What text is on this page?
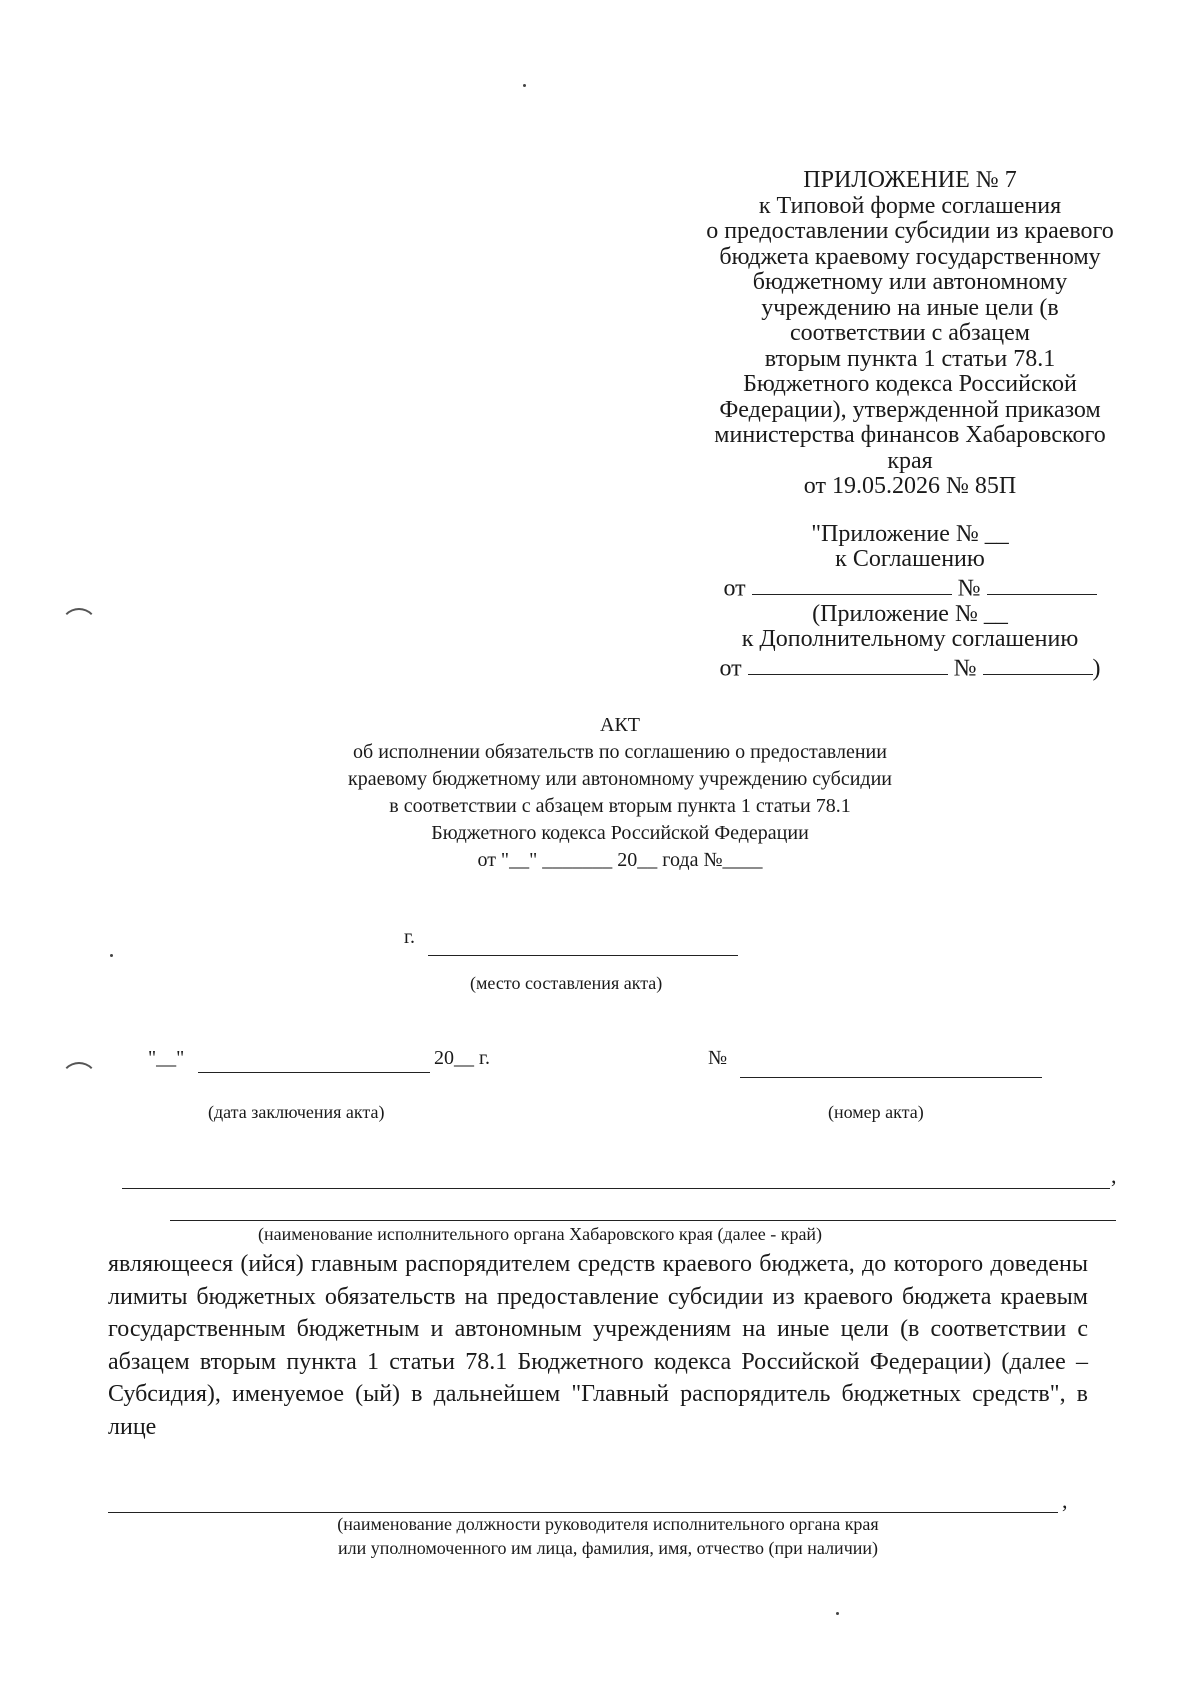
ПРИЛОЖЕНИЕ № 7
к Типовой форме соглашения
о предоставлении субсидии из краевого
бюджета краевому государственному
бюджетному или автономному
учреждению на иные цели (в
соответствии с абзацем
вторым пункта 1 статьи 78.1
Бюджетного кодекса Российской
Федерации), утвержденной приказом
министерства финансов Хабаровского
края
от 19.05.2026 № 85П
"Приложение № __
к Соглашению
от	№
(Приложение № __
к Дополнительному соглашению
от	№	)
АКТ
об исполнении обязательств по соглашению о предоставлении
краевому бюджетному или автономному учреждению субсидии
в соответствии с абзацем вторым пункта 1 статьи 78.1
Бюджетного кодекса Российской Федерации
от "__" _______ 20__ года №____
г.
(место составления акта)
"__"	20__ г.
(дата заключения акта)
№
(номер акта)
,
(наименование исполнительного органа Хабаровского края (далее - край)
являющееся (ийся) главным распорядителем средств краевого бюджета, до которого доведены лимиты бюджетных обязательств на предоставление субсидии из краевого бюджета краевым государственным бюджетным и автономным учреждениям на иные цели (в соответствии с абзацем вторым пункта 1 статьи 78.1 Бюджетного кодекса Российской Федерации) (далее – Субсидия), именуемое (ый) в дальнейшем "Главный распорядитель бюджетных средств", в лице
,
(наименование должности руководителя исполнительного органа края
или уполномоченного им лица, фамилия, имя, отчество (при наличии)
